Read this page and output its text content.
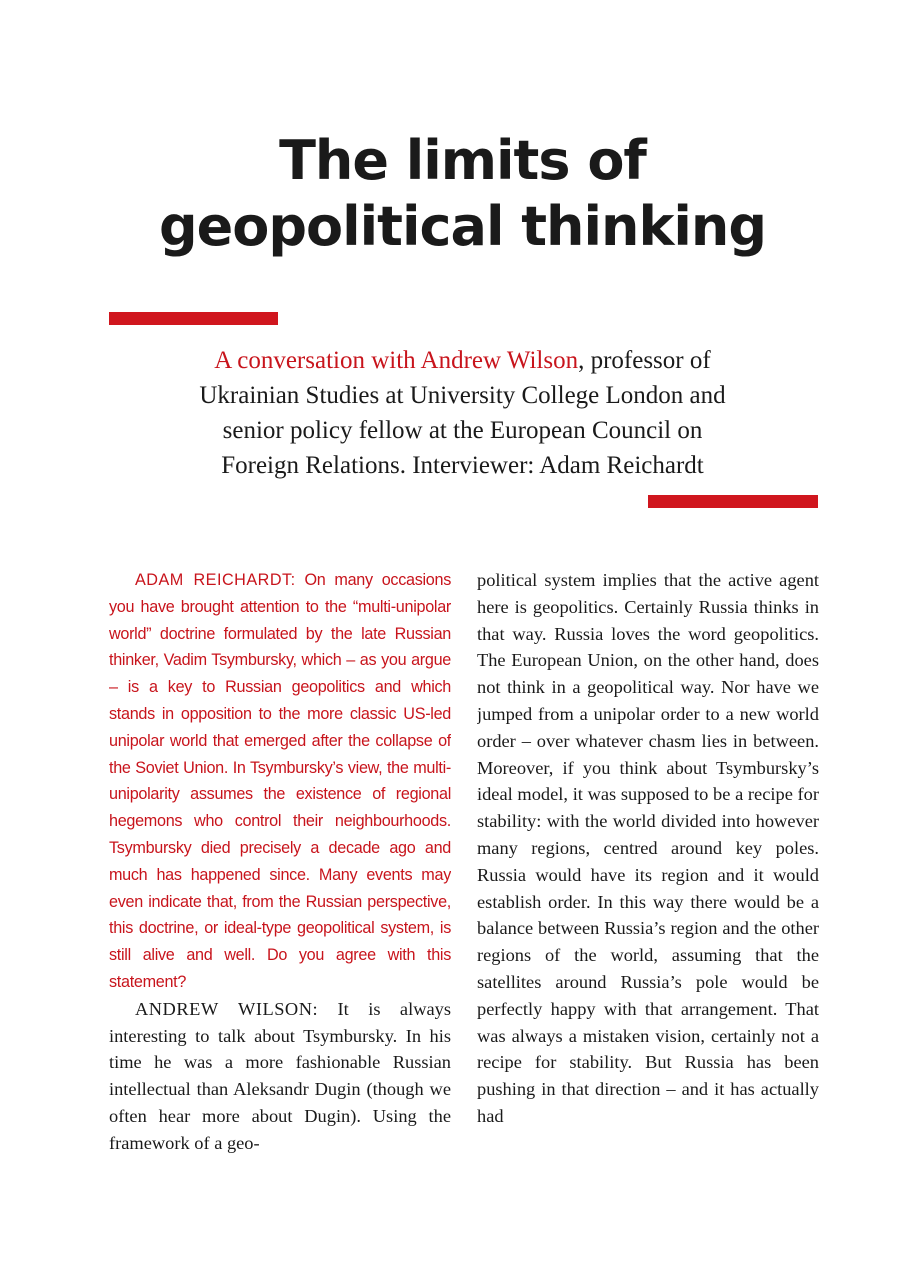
The limits of
geopolitical thinking

A conversation with Andrew Wilson, professor of Ukrainian Studies at University College London and senior policy fellow at the European Council on Foreign Relations. Interviewer: Adam Reichardt

ADAM REICHARDT: On many occasions you have brought attention to the “multi-unipolar world” doctrine formulated by the late Russian thinker, Vadim Tsymbursky, which – as you argue – is a key to Russian geopolitics and which stands in opposition to the more classic US-led unipolar world that emerged after the collapse of the Soviet Union. In Tsymbursky’s view, the multi-unipolarity assumes the existence of regional hegemons who control their neighbourhoods. Tsymbursky died precisely a decade ago and much has happened since. Many events may even indicate that, from the Russian perspective, this doctrine, or ideal-type geopolitical system, is still alive and well. Do you agree with this statement?

ANDREW WILSON: It is always interesting to talk about Tsymbursky. In his time he was a more fashionable Russian intellectual than Aleksandr Dugin (though we often hear more about Dugin). Using the framework of a geo-

political system implies that the active agent here is geopolitics. Certainly Russia thinks in that way. Russia loves the word geopolitics. The European Union, on the other hand, does not think in a geopolitical way. Nor have we jumped from a unipolar order to a new world order – over whatever chasm lies in between. Moreover, if you think about Tsymbursky’s ideal model, it was supposed to be a recipe for stability: with the world divided into however many regions, centred around key poles. Russia would have its region and it would establish order. In this way there would be a balance between Russia’s region and the other regions of the world, assuming that the satellites around Russia’s pole would be perfectly happy with that arrangement. That was always a mistaken vision, certainly not a recipe for stability. But Russia has been pushing in that direction – and it has actually had
